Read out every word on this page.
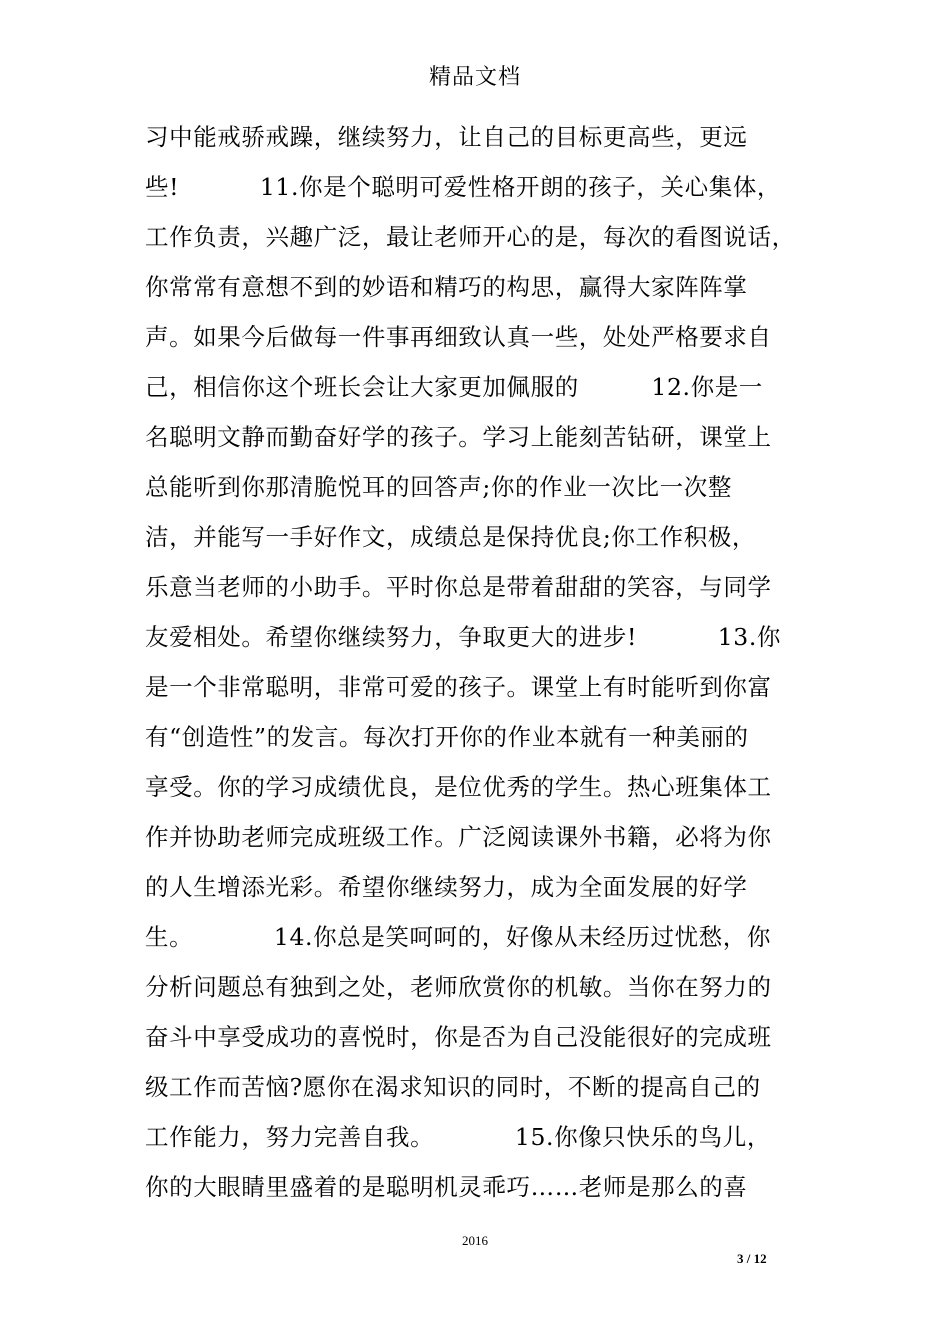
精品文档
习中能戒骄戒躁，继续努力，让自己的目标更高些，更远
些!          11.你是个聪明可爱性格开朗的孩子，关心集体，
工作负责，兴趣广泛，最让老师开心的是，每次的看图说话，
你常常有意想不到的妙语和精巧的构思，赢得大家阵阵掌
声。如果今后做每一件事再细致认真一些，处处严格要求自
己，相信你这个班长会让大家更加佩服的         12.你是一
名聪明文静而勤奋好学的孩子。学习上能刻苦钻研，课堂上
总能听到你那清脆悦耳的回答声;你的作业一次比一次整
洁，并能写一手好作文，成绩总是保持优良;你工作积极，
乐意当老师的小助手。平时你总是带着甜甜的笑容，与同学
友爱相处。希望你继续努力，争取更大的进步!          13.你
是一个非常聪明，非常可爱的孩子。课堂上有时能听到你富
有“创造性”的发言。每次打开你的作业本就有一种美丽的
享受。你的学习成绩优良，是位优秀的学生。热心班集体工
作并协助老师完成班级工作。广泛阅读课外书籍，必将为你
的人生增添光彩。希望你继续努力，成为全面发展的好学
生。          14.你总是笑呵呵的，好像从未经历过忧愁，你
分析问题总有独到之处，老师欣赏你的机敏。当你在努力的
奋斗中享受成功的喜悦时，你是否为自己没能很好的完成班
级工作而苦恼?愿你在渴求知识的同时，不断的提高自己的
工作能力，努力完善自我。          15.你像只快乐的鸟儿，
你的大眼睛里盛着的是聪明机灵乖巧……老师是那么的喜
2016
3 / 12
